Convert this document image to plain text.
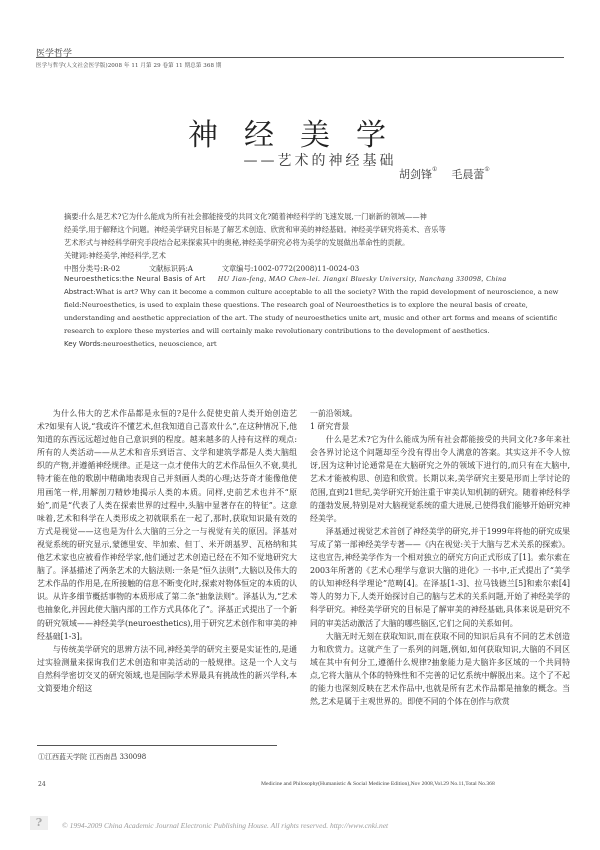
医学哲学
医学与哲学(人文社会医学版)2008 年 11 月第 29 卷第 11 期总第 368 期
神经美学
——艺术的神经基础
胡剑锋① 毛晨蕾①
摘要:什么是艺术?它为什么能成为所有社会都能接受的共同文化?随着神经科学的飞速发展,一门崭新的领域——神
经美学,用于解释这个问题。神经美学研究目标是了解艺术创造、欣赏和审美的神经基础。神经美学研究将美术、音乐等
艺术形式与神经科学研究手段结合起来探索其中的奥秘,神经美学研究必将为美学的发展做出革命性的贡献。
关键词:神经美学,神经科学,艺术
中图分类号:R-02	文献标识码:A	文章编号:1002-0772(2008)11-0024-03
Neuroesthetics:the Neural Basis of Art HU Jian-feng, MAO Chen-lei. Jiangxi Bluesky University, Nanchang 330098, China
Abstract:What is art? Why can it become a common culture acceptable to all the society? With the rapid development of neuroscience, a new field:Neuroesthetics, is used to explain these questions. The research goal of Neuroesthetics is to explore the neural basis of create, understanding and aesthetic appreciation of the art. The study of neuroesthetics unite art, music and other art forms and means of scientific research to explore these mysteries and will certainly make revolutionary contributions to the development of aesthetics.
Key Words:neuroesthetics, neuoscience, art

为什么伟大的艺术作品都是永恒的?是什么促使史前人类开始创造艺术?如果有人说,“我或许不懂艺术,但我知道自己喜欢什么”,在这种情况下,他知道的东西远远超过他自己意识到的程度。越来越多的人持有这样的观点:所有的人类活动——从艺术和音乐到语言、文学和建筑学都是人类大脑组织的产物,并遵循神经规律。正是这一点才使伟大的艺术作品恒久不衰,莫扎特才能在他的歌剧中精确地表现自己并刻画人类的心理;达芬奇才能像他使用画笔一样,用解剖刀精妙地揭示人类的本质。同样,史前艺术也并不“原始”,而是“代表了人类在探索世界的过程中,头脑中显著存在的特征”。这意味着,艺术和科学在人类形成之初就联系在一起了,那时,获取知识最有效的方式是视觉——这也是为什么大脑的三分之一与视觉有关的原因。泽基对视觉系统的研究显示,蒙德里安、毕加索、但丁、米开朗基罗、瓦格纳和其他艺术家也应被看作神经学家,他们通过艺术创造已经在不知不觉地研究大脑了。泽基描述了两条艺术的大脑法则:一条是“恒久法则”,大脑以及伟大的艺术作品的作用是,在所接触的信息不断变化时,探索对物体恒定的本质的认识。从许多细节概括事物的本质形成了第二条“抽象法则”。泽基认为,“艺术也抽象化,并因此使大脑内部的工作方式具体化了”。泽基正式提出了一个新的研究领域——神经美学(neuroesthetics),用于研究艺术创作和审美的神经基础[1-3]。

与传统美学研究的思辨方法不同,神经美学的研究主要是实证性的,是通过实验测量来探询我们艺术创造和审美活动的一般规律。这是一个人文与自然科学密切交叉的研究领域,也是国际学术界最具有挑战性的新兴学科,本文简要地介绍这

一前沿领域。

1 研究背景

什么是艺术?它为什么能成为所有社会都能接受的共同文化?多年来社会各界讨论这个问题却至今没有得出令人满意的答案。其实这并不令人惊讶,因为这种讨论通常是在大脑研究之外的领域下进行的,而只有在大脑中,艺术才能被构思、创造和欣赏。长期以来,美学研究主要是形而上学讨论的范围,直到21世纪,美学研究开始注重于审美认知机制的研究。随着神经科学的蓬勃发展,特别是对大脑视觉系统的重大进展,已使得我们能够开始研究神经美学。

泽基通过视觉艺术首创了神经美学的研究,并于1999年将他的研究成果写成了第一部神经美学专著——《内在视觉:关于大脑与艺术关系的探索》。这也宣告,神经美学作为一个相对独立的研究方向正式形成了[1]。索尔索在2003年所著的《艺术心理学与意识大脑的进化》一书中,正式提出了“美学的认知神经科学理论”范畴[4]。在泽基[1-3]、拉马钱德兰[5]和索尔索[4]等人的努力下,人类开始探讨自己的脑与艺术的关系问题,开始了神经美学的科学研究。神经美学研究的目标是了解审美的神经基础,具体来说是研究不同的审美活动激活了大脑的哪些脑区,它们之间的关系如何。

大脑无时无刻在获取知识,而在获取不同的知识后具有不同的艺术创造力和欣赏力。这就产生了一系列的问题,例如,如何获取知识,大脑的不同区域在其中有何分工,遵循什么规律?抽象能力是大脑许多区域的一个共同特点,它将大脑从个体的特殊性和不完善的记忆系统中解脱出来。这个了不起的能力也深刻反映在艺术作品中,也就是所有艺术作品都是抽象的概念。当然,艺术是属于主观世界的。即使不同的个体在创作与欣赏

①江西蓝天学院 江西南昌 330098
24	Medicine and Philosophy(Humanistic & Social Medicine Edition),Nov 2008,Vol.29 No.11,Total No.368
?	© 1994-2009 China Academic Journal Electronic Publishing House. All rights reserved. http://www.cnki.net
